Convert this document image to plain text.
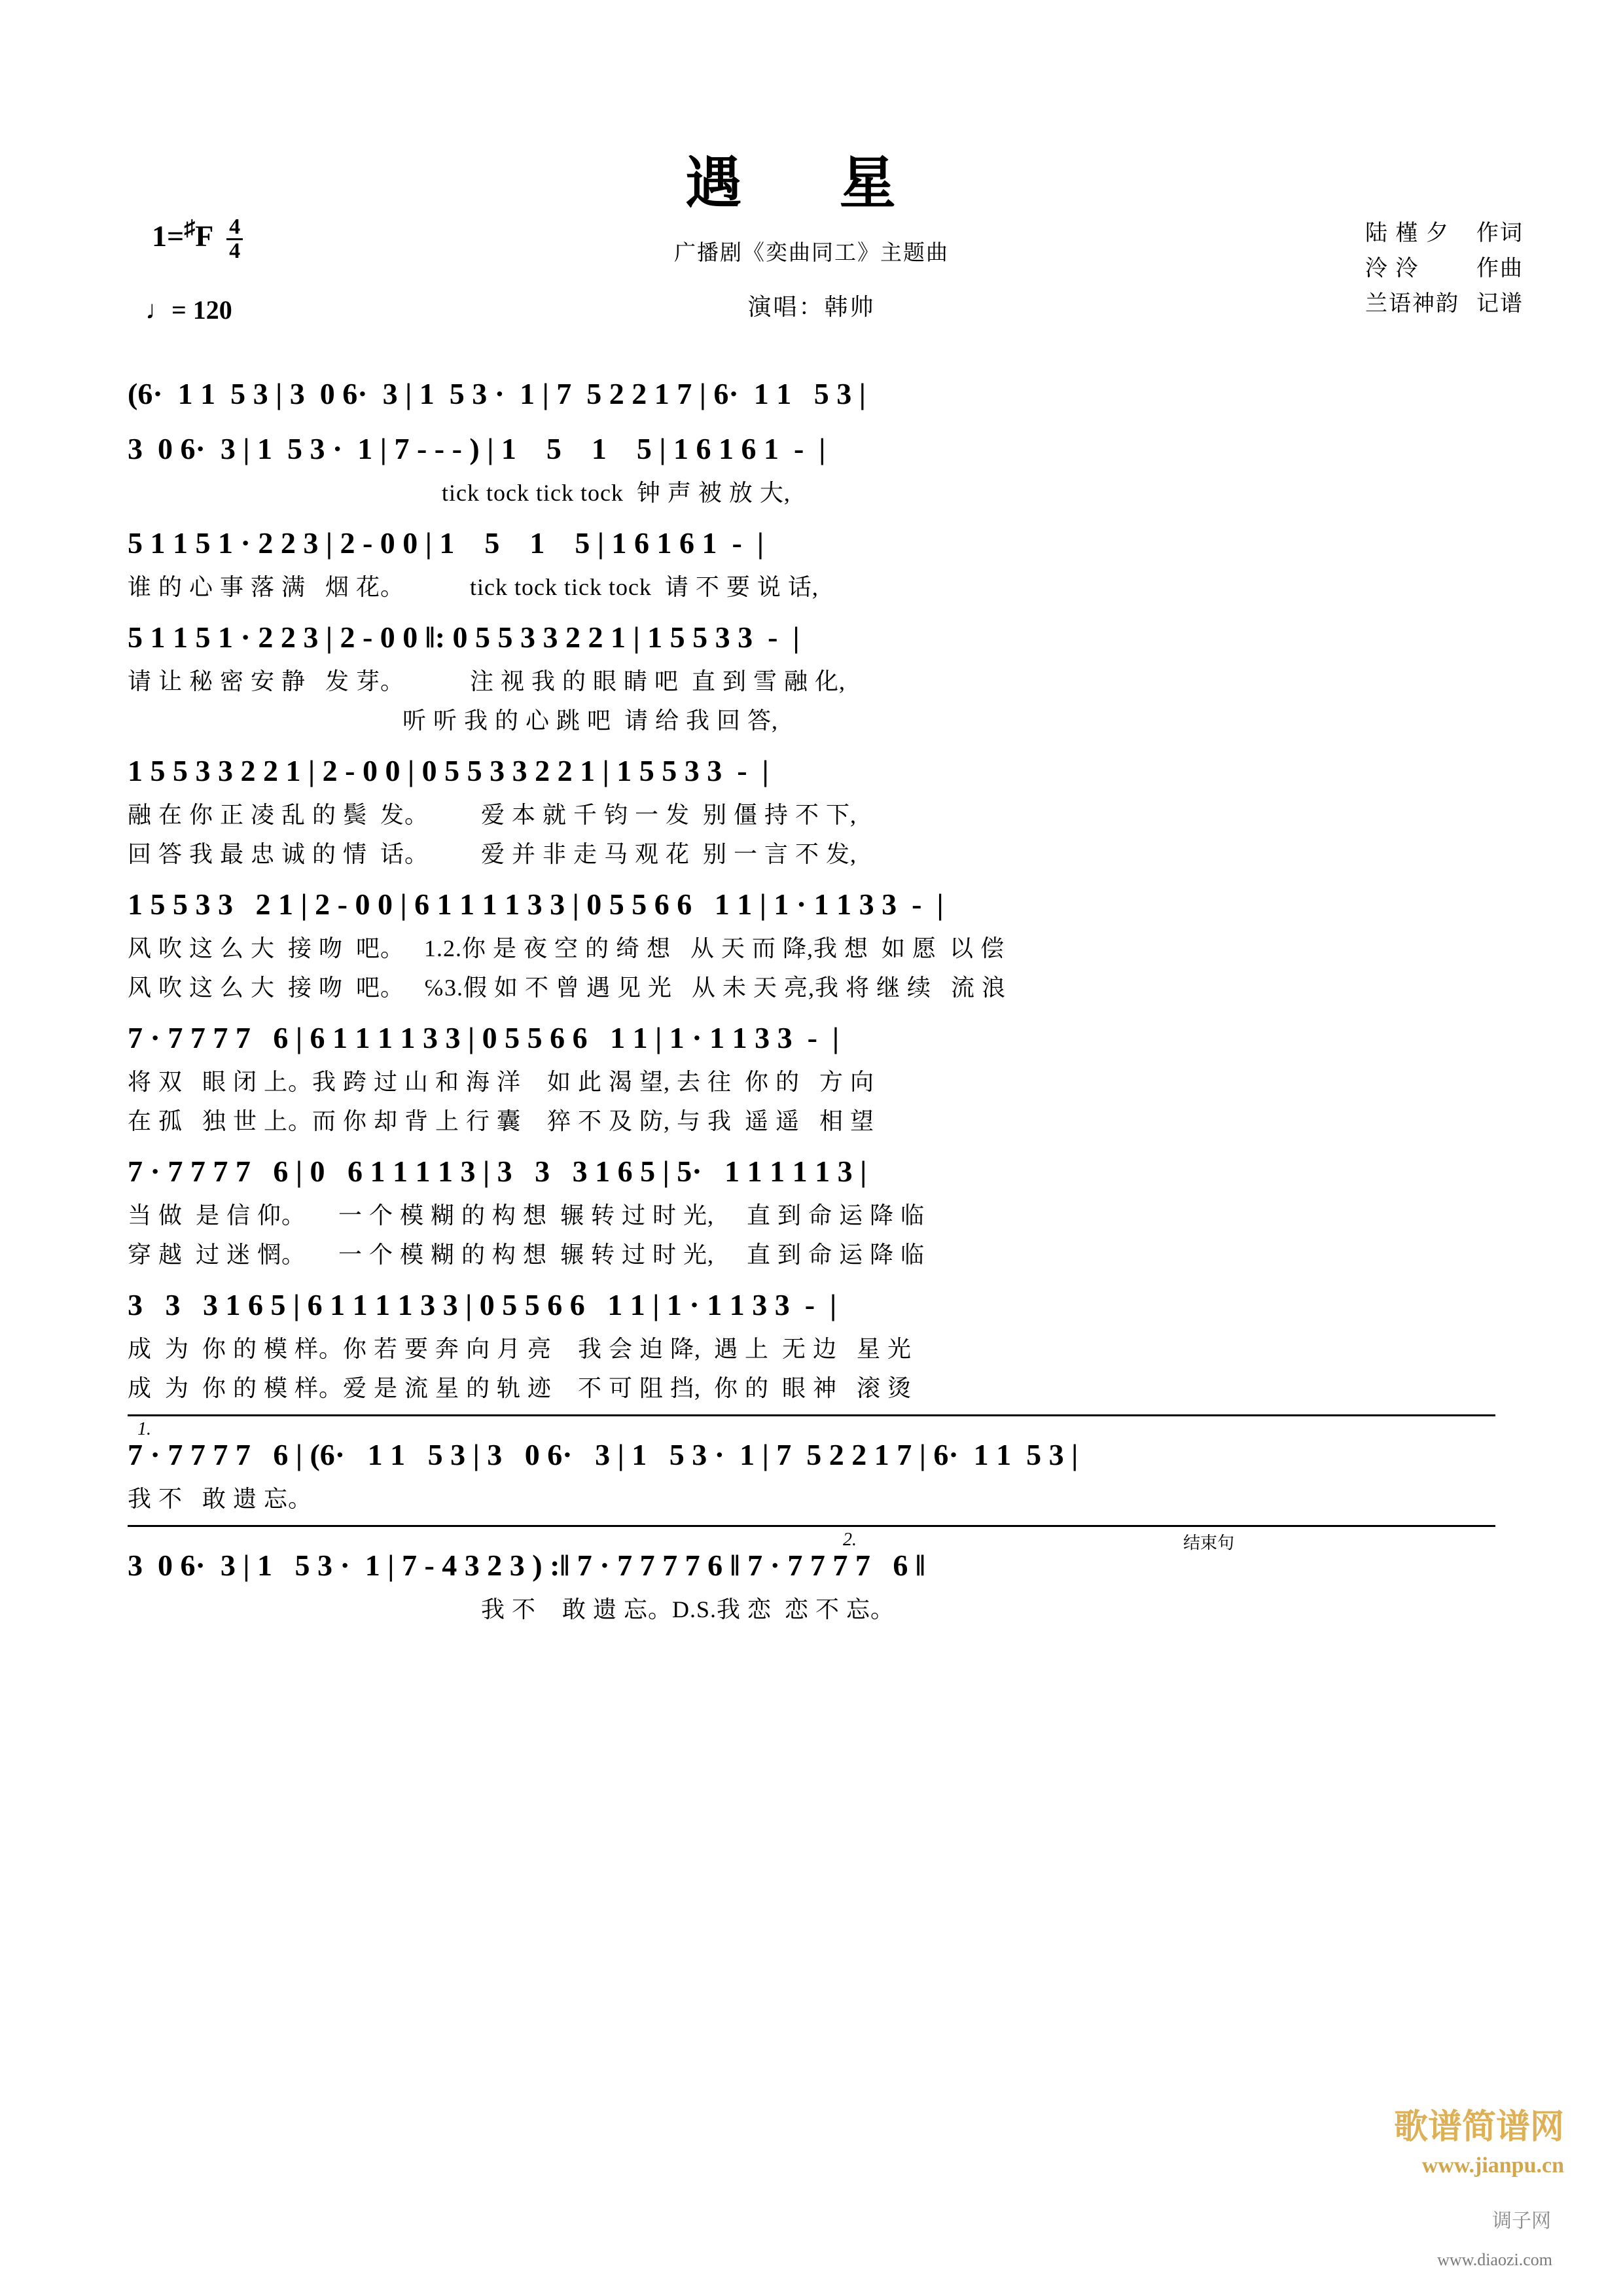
$1=^♯F \frac{4}{4}$
♩= 120
遇 星
广播剧《奕曲同工》主题曲
演唱：韩帅
陆 槿 夕 作词
泠 泠	作曲
兰语神韵 记谱
(6·  1 1  5 3 | 3  0 6·  3 | 1  5 3 ·  1 | 7  5 2 2 1 7 | 6·  1 1   5 3 |
3  0 6·  3 | 1  5 3 ·  1 | 7 - - - ) | 1    5    1    5 | 1 6 1 6 1  -  |
tick tock tick tock  钟 声 被 放 大,
5 1 1 5 1 · 2 2 3 | 2 - 0 0 | 1    5    1    5 | 1 6 1 6 1  -  |
谁 的 心 事 落 满   烟 花。          tick tock tick tock  请 不 要 说 话,
5 1 1 5 1 · 2 2 3 | 2 - 0 0 ‖: 0 5 5 3 3 2 2 1 | 1 5 5 3 3  -  |
请 让 秘 密 安 静   发 芽。          注 视 我 的 眼 睛 吧  直 到 雪 融 化,
听 听 我 的 心 跳 吧  请 给 我 回 答,
1 5 5 3 3 2 2 1 | 2 - 0 0 | 0 5 5 3 3 2 2 1 | 1 5 5 3 3  -  |
融 在 你 正 凌 乱 的 鬓  发。        爱 本 就 千 钧 一 发  别 僵 持 不 下,
回 答 我 最 忠 诚 的 情  话。        爱 并 非 走 马 观 花  别 一 言 不 发,
1 5 5 3 3   2 1 | 2 - 0 0 | 6 1 1 1 1 3 3 | 0 5 5 6 6   1 1 | 1 · 1 1 3 3  -  |
风 吹 这 么 大  接 吻  吧。   1.2.你 是 夜 空 的 绮 想   从 天 而 降,我 想  如 愿  以 偿
风 吹 这 么 大  接 吻  吧。   ℅3.假 如 不 曾 遇 见 光   从 未 天 亮,我 将 继 续   流 浪
7 · 7 7 7 7   6 | 6 1 1 1 1 3 3 | 0 5 5 6 6   1 1 | 1 · 1 1 3 3  -  |
将 双   眼 闭 上。我 跨 过 山 和 海 洋    如 此 渴 望, 去 往  你 的   方 向
在 孤   独 世 上。而 你 却 背 上 行 囊    猝 不 及 防, 与 我  遥 遥   相 望
7 · 7 7 7 7   6 | 0   6 1 1 1 1 3 | 3   3   3 1 6 5 | 5·   1 1 1 1 1 3 |
当 做  是 信 仰。     一 个 模 糊 的 构 想  辗 转 过 时 光,     直 到 命 运 降 临
穿 越  过 迷 惘。     一 个 模 糊 的 构 想  辗 转 过 时 光,     直 到 命 运 降 临
3   3   3 1 6 5 | 6 1 1 1 1 3 3 | 0 5 5 6 6   1 1 | 1 · 1 1 3 3  -  |
成  为  你 的 模 样。你 若 要 奔 向 月 亮    我 会 迫 降,  遇 上  无 边   星 光
成  为  你 的 模 样。爱 是 流 星 的 轨 迹    不 可 阻 挡,  你 的  眼 神   滚 烫
1.
7 · 7 7 7 7   6 | (6·   1 1   5 3 | 3   0 6·   3 | 1   5 3 ·  1 | 7  5 2 2 1 7 | 6·  1 1  5 3 |
我 不   敢 遗 忘。
2.	结束句
3  0 6·  3 | 1   5 3 ·  1 | 7 - 4 3 2 3 ) :‖ 7 · 7 7 7 7 6 ‖ 7 · 7 7 7 7   6 ‖
我 不    敢 遗 忘。D.S.我 恋  恋 不 忘。
歌谱简谱网
www.jianpu.cn
调子网
www.diaozi.com
